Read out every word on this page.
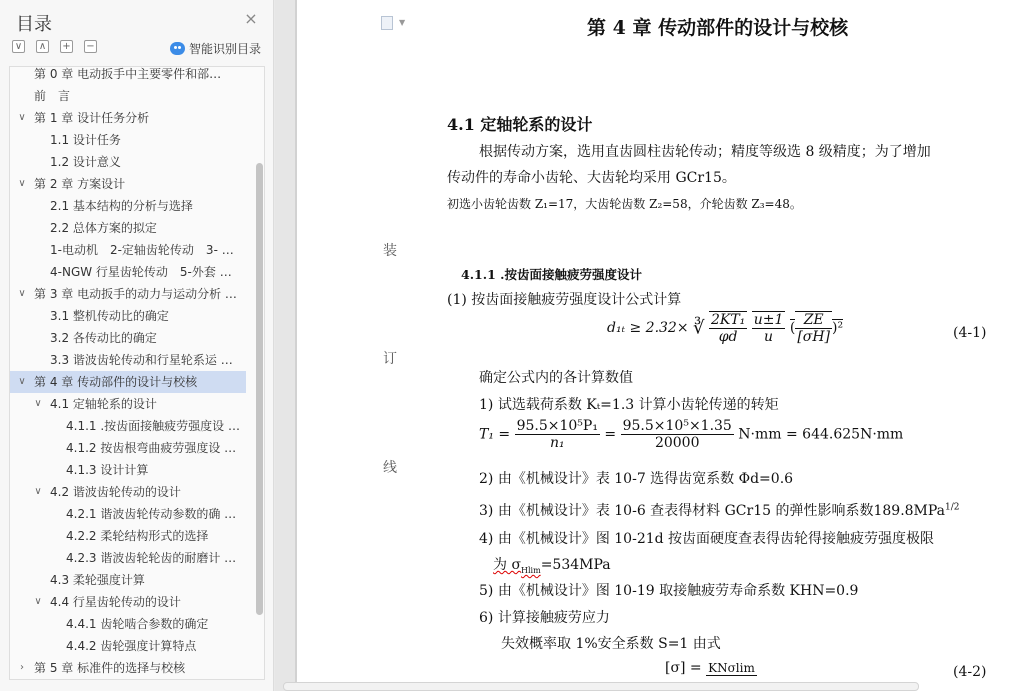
目录	×
∨ ∧ + −	智能识别目录
第 0 章 电动扳手中主要零件和部…
前　言
∨ 第 1 章 设计任务分析
1.1 设计任务
1.2 设计意义
∨ 第 2 章 方案设计
2.1 基本结构的分析与选择
2.2 总体方案的拟定
1-电动机　2-定轴齿轮传动　3- …
4-NGW 行星齿轮传动　5-外套 …
∨ 第 3 章 电动扳手的动力与运动分析 …
3.1 整机传动比的确定
3.2 各传动比的确定
3.3 谐波齿轮传动和行星轮系运 …
∨ 第 4 章 传动部件的设计与校核
∨ 4.1 定轴轮系的设计
4.1.1 .按齿面接触疲劳强度设 …
4.1.2 按齿根弯曲疲劳强度设 …
4.1.3 设计计算
∨ 4.2 谐波齿轮传动的设计
4.2.1 谐波齿轮传动参数的确 …
4.2.2 柔轮结构形式的选择
4.2.3 谐波齿轮轮齿的耐磨计 …
4.3 柔轮强度计算
∨ 4.4 行星齿轮传动的设计
4.4.1 齿轮啮合参数的确定
4.4.2 齿轮强度计算特点
› 第 5 章 标准件的选择与校核
▼
装
订
线
第 4 章 传动部件的设计与校核
4.1 定轴轮系的设计
根据传动方案，选用直齿圆柱齿轮传动；精度等级选 8 级精度；为了增加
传动件的寿命小齿轮、大齿轮均采用 GCr15。
初选小齿轮齿数 Z₁=17，大齿轮齿数 Z₂=58，介轮齿数 Z₃=48。
4.1.1 .按齿面接触疲劳强度设计
(1) 按齿面接触疲劳强度设计公式计算
d₁ₜ ≥ 2.32× ∛ $\frac{\text{2KT₁}}{\varphi d}$
$\frac{u\pm 1}{u}$ ( $\frac{ZE}{[\sigma H]} )^2$	(4-1)
确定公式内的各计算数值
1) 试选载荷系数 Kₜ=1.3 计算小齿轮传递的转矩
$T_1 = \frac{\text{95.5×10⁵P₁}}{\text{n₁}} = \frac{\text{95.5×10⁵×1.35}}{20000} N\cdot mm = 644.625N\cdot mm$
2) 由《机械设计》表 10-7 选得齿宽系数 Φd=0.6
3) 由《机械设计》表 10-6 查表得材料 GCr15 的弹性影响系数189.8MPa$^{1/2}$
4) 由《机械设计》图 10-21d 按齿面硬度查表得齿轮得接触疲劳强度极限
为 $\sigma_{Hlim}=534MPa$
5) 由《机械设计》图 10-19 取接触疲劳寿命系数 KHN=0.9
6) 计算接触疲劳应力
失效概率取 1%安全系数 S=1 由式
[σ] = KNσlim	(4-2)
